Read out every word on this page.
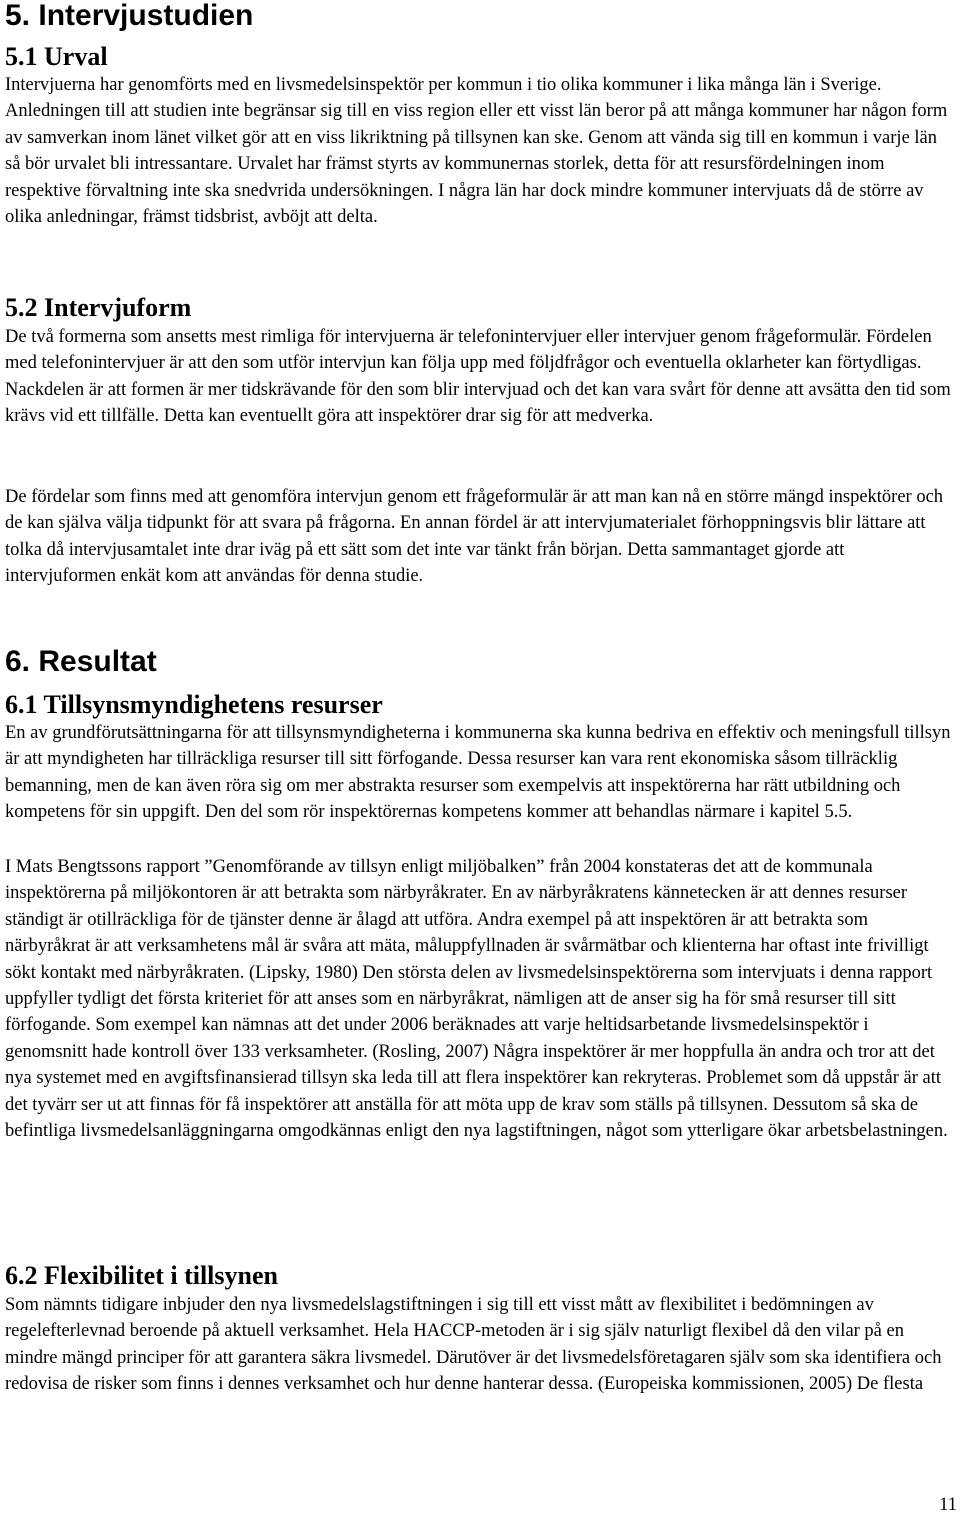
5. Intervjustudien
5.1 Urval

Intervjuerna har genomförts med en livsmedelsinspektör per kommun i tio olika kommuner i lika många län i Sverige. Anledningen till att studien inte begränsar sig till en viss region eller ett visst län beror på att många kommuner har någon form av samverkan inom länet vilket gör att en viss likriktning på tillsynen kan ske. Genom att vända sig till en kommun i varje län så bör urvalet bli intressantare. Urvalet har främst styrts av kommunernas storlek, detta för att resursfördelningen inom respektive förvaltning inte ska snedvrida undersökningen. I några län har dock mindre kommuner intervjuats då de större av olika anledningar, främst tidsbrist, avböjt att delta.

5.2 Intervjuform

De två formerna som ansetts mest rimliga för intervjuerna är telefonintervjuer eller intervjuer genom frågeformulär. Fördelen med telefonintervjuer är att den som utför intervjun kan följa upp med följdfrågor och eventuella oklarheter kan förtydligas. Nackdelen är att formen är mer tidskrävande för den som blir intervjuad och det kan vara svårt för denne att avsätta den tid som krävs vid ett tillfälle. Detta kan eventuellt göra att inspektörer drar sig för att medverka.

De fördelar som finns med att genomföra intervjun genom ett frågeformulär är att man kan nå en större mängd inspektörer och de kan själva välja tidpunkt för att svara på frågorna. En annan fördel är att intervjumaterialet förhoppningsvis blir lättare att tolka då intervjusamtalet inte drar iväg på ett sätt som det inte var tänkt från början. Detta sammantaget gjorde att intervjuformen enkät kom att användas för denna studie.

6. Resultat
6.1 Tillsynsmyndighetens resurser

En av grundförutsättningarna för att tillsynsmyndigheterna i kommunerna ska kunna bedriva en effektiv och meningsfull tillsyn är att myndigheten har tillräckliga resurser till sitt förfogande. Dessa resurser kan vara rent ekonomiska såsom tillräcklig bemanning, men de kan även röra sig om mer abstrakta resurser som exempelvis att inspektörerna har rätt utbildning och kompetens för sin uppgift. Den del som rör inspektörernas kompetens kommer att behandlas närmare i kapitel 5.5.

I Mats Bengtssons rapport ”Genomförande av tillsyn enligt miljöbalken” från 2004 konstateras det att de kommunala inspektörerna på miljökontoren är att betrakta som närbyråkrater. En av närbyråkratens kännetecken är att dennes resurser ständigt är otillräckliga för de tjänster denne är ålagd att utföra. Andra exempel på att inspektören är att betrakta som närbyråkrat är att verksamhetens mål är svåra att mäta, måluppfyllnaden är svårmätbar och klienterna har oftast inte frivilligt sökt kontakt med närbyråkraten. (Lipsky, 1980) Den största delen av livsmedelsinspektörerna som intervjuats i denna rapport uppfyller tydligt det första kriteriet för att anses som en närbyråkrat, nämligen att de anser sig ha för små resurser till sitt förfogande. Som exempel kan nämnas att det under 2006 beräknades att varje heltidsarbetande livsmedelsinspektör i genomsnitt hade kontroll över 133 verksamheter. (Rosling, 2007) Några inspektörer är mer hoppfulla än andra och tror att det nya systemet med en avgiftsfinansierad tillsyn ska leda till att flera inspektörer kan rekryteras. Problemet som då uppstår är att det tyvärr ser ut att finnas för få inspektörer att anställa för att möta upp de krav som ställs på tillsynen. Dessutom så ska de befintliga livsmedelsanläggningarna omgodkännas enligt den nya lagstiftningen, något som ytterligare ökar arbetsbelastningen.

6.2 Flexibilitet i tillsynen

Som nämnts tidigare inbjuder den nya livsmedelslagstiftningen i sig till ett visst mått av flexibilitet i bedömningen av regelefterlevnad beroende på aktuell verksamhet. Hela HACCP-metoden är i sig själv naturligt flexibel då den vilar på en mindre mängd principer för att garantera säkra livsmedel. Därutöver är det livsmedelsföretagaren själv som ska identifiera och redovisa de risker som finns i dennes verksamhet och hur denne hanterar dessa. (Europeiska kommissionen, 2005) De flesta

11
